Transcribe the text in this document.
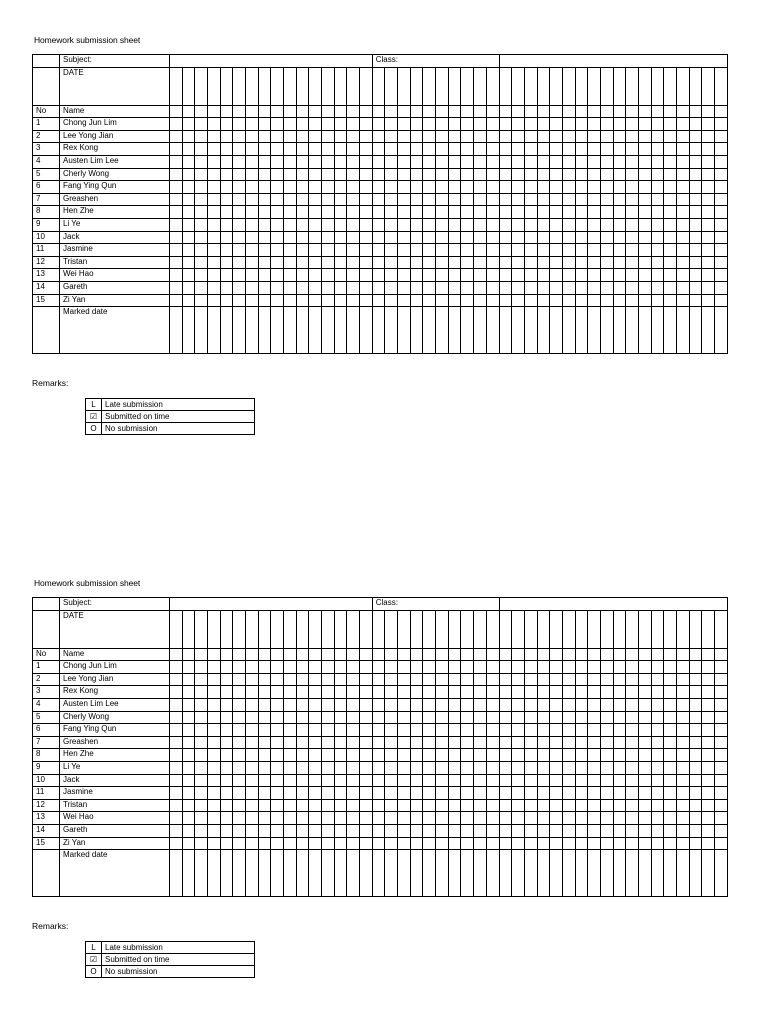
Homework submission sheet
	Subject:																	Class:																											
	DATE																																												
No	Name																																												
1	Chong Jun Lim																																												
2	Lee Yong Jian																																												
3	Rex Kong																																												
4	Austen Lim Lee																																												
5	Cherly Wong																																												
6	Fang Ying Qun																																												
7	Greashen																																												
8	Hen Zhe																																												
9	Li Ye																																												
10	Jack																																												
11	Jasmine																																												
12	Tristan																																												
13	Wei Hao																																												
14	Gareth																																												
15	Zi Yan																																												
	Marked date																																												
Remarks:
L	Late submission
☑	Submitted on time
O	No submission
Homework submission sheet
	Subject:																	Class:																											
	DATE																																												
No	Name																																												
1	Chong Jun Lim																																												
2	Lee Yong Jian																																												
3	Rex Kong																																												
4	Austen Lim Lee																																												
5	Cherly Wong																																												
6	Fang Ying Qun																																												
7	Greashen																																												
8	Hen Zhe																																												
9	Li Ye																																												
10	Jack																																												
11	Jasmine																																												
12	Tristan																																												
13	Wei Hao																																												
14	Gareth																																												
15	Zi Yan																																												
	Marked date																																												
Remarks:
L	Late submission
☑	Submitted on time
O	No submission
